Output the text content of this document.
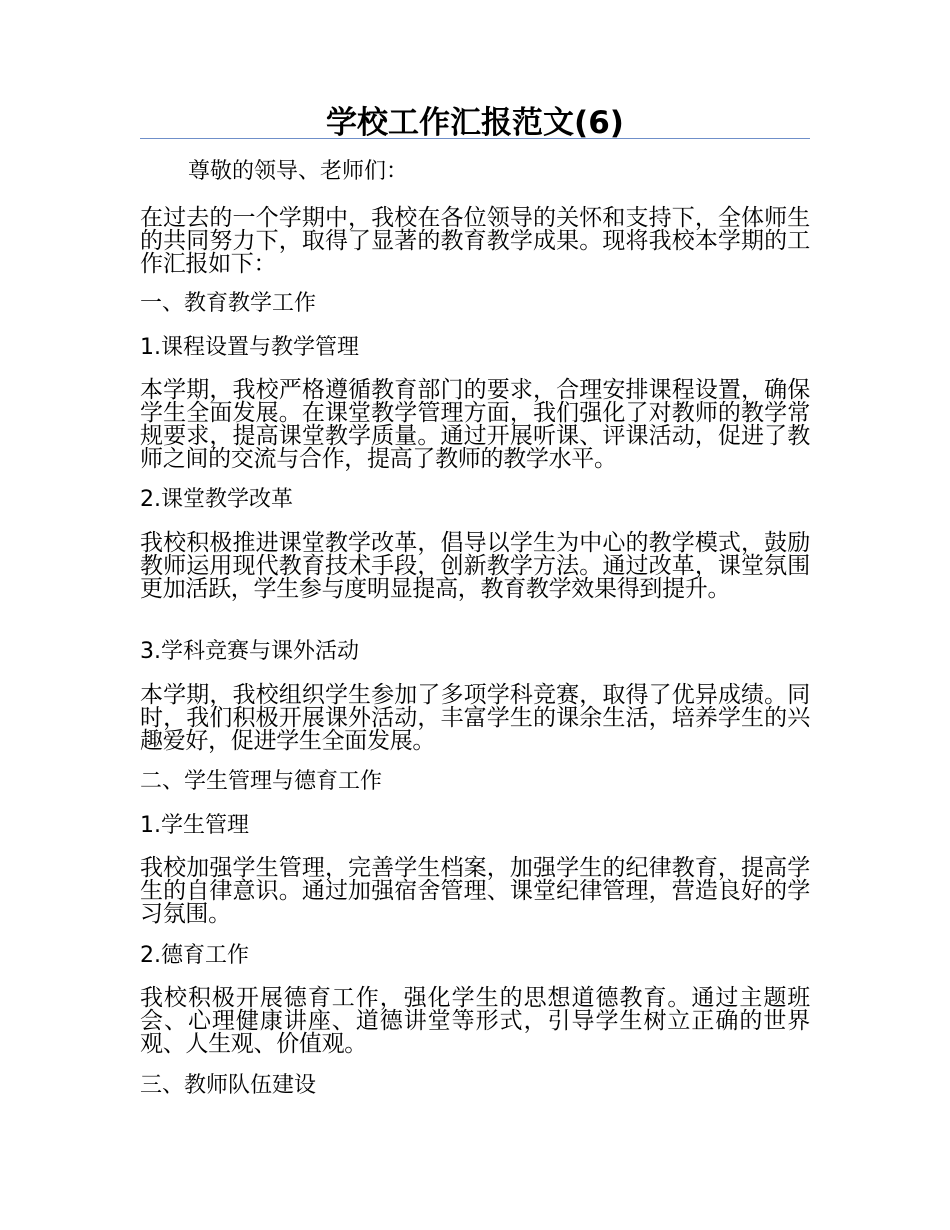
学校工作汇报范文(6)
尊敬的领导、老师们：
在过去的一个学期中，我校在各位领导的关怀和支持下，全体师生的共同努力下，取得了显著的教育教学成果。现将我校本学期的工作汇报如下：
一、教育教学工作
1.课程设置与教学管理
本学期，我校严格遵循教育部门的要求，合理安排课程设置，确保学生全面发展。在课堂教学管理方面，我们强化了对教师的教学常规要求，提高课堂教学质量。通过开展听课、评课活动，促进了教师之间的交流与合作，提高了教师的教学水平。
2.课堂教学改革
我校积极推进课堂教学改革，倡导以学生为中心的教学模式，鼓励教师运用现代教育技术手段，创新教学方法。通过改革，课堂氛围更加活跃，学生参与度明显提高，教育教学效果得到提升。
3.学科竞赛与课外活动
本学期，我校组织学生参加了多项学科竞赛，取得了优异成绩。同时，我们积极开展课外活动，丰富学生的课余生活，培养学生的兴趣爱好，促进学生全面发展。
二、学生管理与德育工作
1.学生管理
我校加强学生管理，完善学生档案，加强学生的纪律教育，提高学生的自律意识。通过加强宿舍管理、课堂纪律管理，营造良好的学习氛围。
2.德育工作
我校积极开展德育工作，强化学生的思想道德教育。通过主题班会、心理健康讲座、道德讲堂等形式，引导学生树立正确的世界观、人生观、价值观。
三、教师队伍建设
